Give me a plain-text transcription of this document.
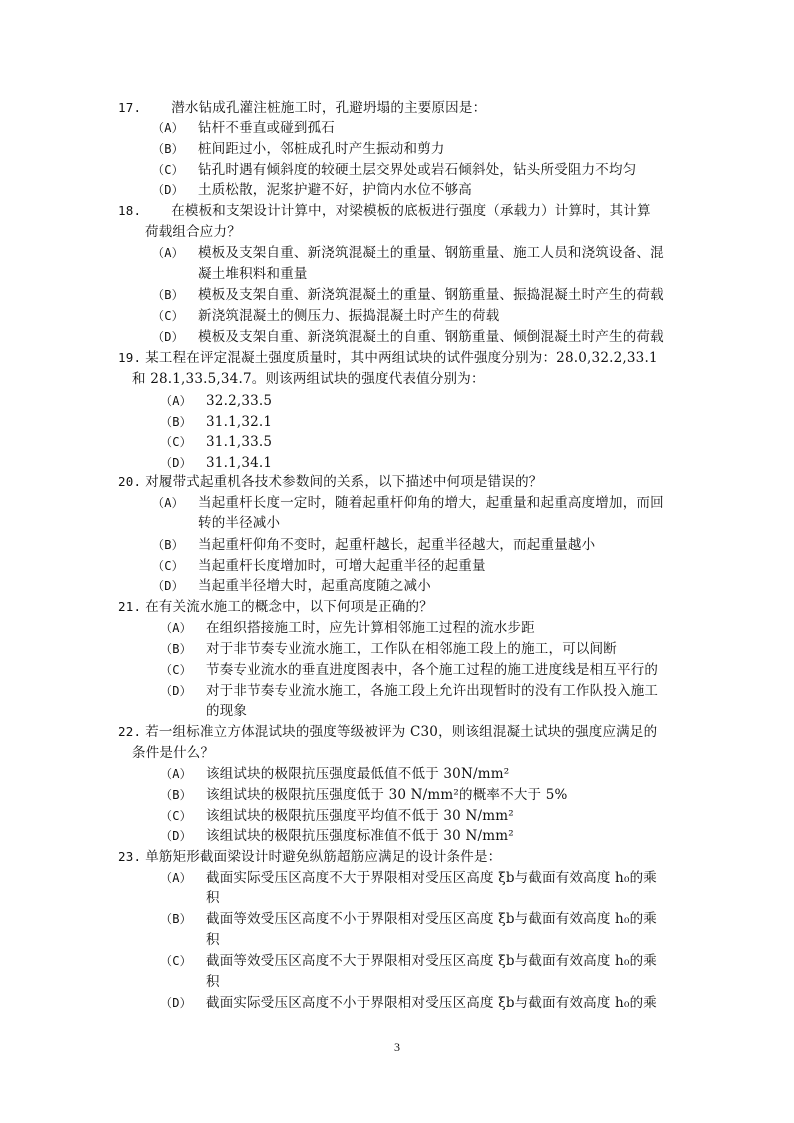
17. 潜水钻成孔灌注桩施工时，孔避坍塌的主要原因是：
（A） 钻杆不垂直或碰到孤石
（B） 桩间距过小，邻桩成孔时产生振动和剪力
（C） 钻孔时遇有倾斜度的较硬土层交界处或岩石倾斜处，钻头所受阻力不均匀
（D） 土质松散，泥浆护避不好，护筒内水位不够高
18. 在模板和支架设计计算中，对梁模板的底板进行强度（承载力）计算时，其计算
荷载组合应力？
（A） 模板及支架自重、新浇筑混凝土的重量、钢筋重量、施工人员和浇筑设备、混
凝土堆积料和重量
（B） 模板及支架自重、新浇筑混凝土的重量、钢筋重量、振捣混凝土时产生的荷载
（C） 新浇筑混凝土的侧压力、振捣混凝土时产生的荷载
（D） 模板及支架自重、新浇筑混凝土的自重、钢筋重量、倾倒混凝土时产生的荷载
19. 某工程在评定混凝土强度质量时，其中两组试块的试件强度分别为：28.0,32.2,33.1
和 28.1,33.5,34.7。则该两组试块的强度代表值分别为：
（A） 32.2,33.5
（B） 31.1,32.1
（C） 31.1,33.5
（D） 31.1,34.1
20. 对履带式起重机各技术参数间的关系，以下描述中何项是错误的？
（A） 当起重杆长度一定时，随着起重杆仰角的增大，起重量和起重高度增加，而回
转的半径减小
（B） 当起重杆仰角不变时，起重杆越长，起重半径越大，而起重量越小
（C） 当起重杆长度增加时，可增大起重半径的起重量
（D） 当起重半径增大时，起重高度随之减小
21. 在有关流水施工的概念中，以下何项是正确的？
（A） 在组织搭接施工时，应先计算相邻施工过程的流水步距
（B） 对于非节奏专业流水施工，工作队在相邻施工段上的施工，可以间断
（C） 节奏专业流水的垂直进度图表中，各个施工过程的施工进度线是相互平行的
（D） 对于非节奏专业流水施工，各施工段上允许出现暂时的没有工作队投入施工
的现象
22. 若一组标准立方体混试块的强度等级被评为 C30，则该组混凝土试块的强度应满足的
条件是什么？
（A） 该组试块的极限抗压强度最低值不低于 30N/mm²
（B） 该组试块的极限抗压强度低于 30 N/mm²的概率不大于 5%
（C） 该组试块的极限抗压强度平均值不低于 30 N/mm²
（D） 该组试块的极限抗压强度标准值不低于 30 N/mm²
23. 单筋矩形截面梁设计时避免纵筋超筋应满足的设计条件是：
（A） 截面实际受压区高度不大于界限相对受压区高度 ξb与截面有效高度 h₀的乘
积
（B） 截面等效受压区高度不小于界限相对受压区高度 ξb与截面有效高度 h₀的乘
积
（C） 截面等效受压区高度不大于界限相对受压区高度 ξb与截面有效高度 h₀的乘
积
（D） 截面实际受压区高度不小于界限相对受压区高度 ξb与截面有效高度 h₀的乘
3
